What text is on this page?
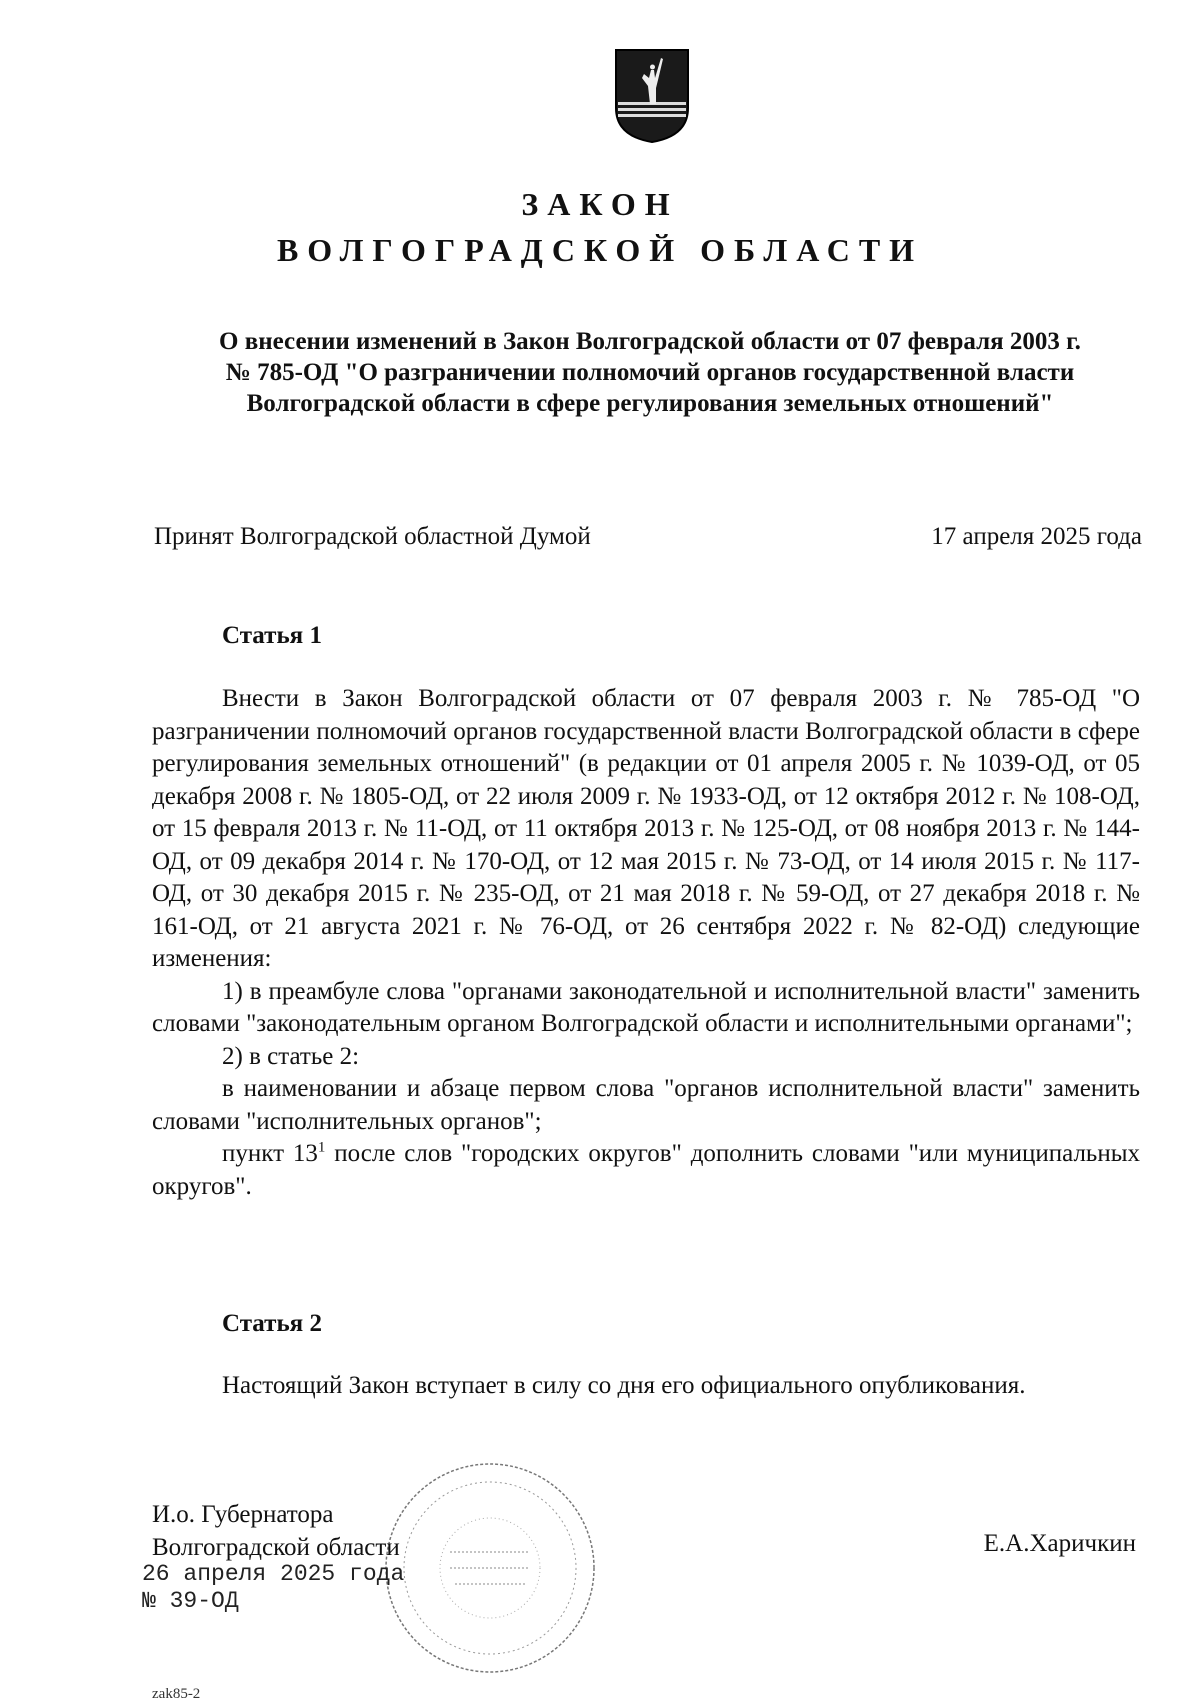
ЗАКОН
ВОЛГОГРАДСКОЙ ОБЛАСТИ
О внесении изменений в Закон Волгоградской области от 07 февраля 2003 г.
№ 785-ОД "О разграничении полномочий органов государственной власти
Волгоградской области в сфере регулирования земельных отношений"
Принят Волгоградской областной Думой	17 апреля 2025 года
Статья 1

Внести в Закон Волгоградской области от 07 февраля 2003 г. № 785-ОД "О разграничении полномочий органов государственной власти Волгоградской области в сфере регулирования земельных отношений" (в редакции от 01 апреля 2005 г. № 1039-ОД, от 05 декабря 2008 г. № 1805-ОД, от 22 июля 2009 г. № 1933-ОД, от 12 октября 2012 г. № 108-ОД, от 15 февраля 2013 г. № 11-ОД, от 11 октября 2013 г. № 125-ОД, от 08 ноября 2013 г. № 144-ОД, от 09 декабря 2014 г. № 170-ОД, от 12 мая 2015 г. № 73-ОД, от 14 июля 2015 г. № 117-ОД, от 30 декабря 2015 г. № 235-ОД, от 21 мая 2018 г. № 59-ОД, от 27 декабря 2018 г. № 161-ОД, от 21 августа 2021 г. № 76-ОД, от 26 сентября 2022 г. № 82-ОД) следующие изменения:

1) в преамбуле слова "органами законодательной и исполнительной власти" заменить словами "законодательным органом Волгоградской области и исполнительными органами";

2) в статье 2:

в наименовании и абзаце первом слова "органов исполнительной власти" заменить словами "исполнительных органов";

пункт $13^1$ после слов "городских округов" дополнить словами "или муниципальных округов".

Статья 2

Настоящий Закон вступает в силу со дня его официального опубликования.

И.о. Губернатора
Волгоградской области	Е.А.Харичкин
26 апреля 2025 года
№ 39-ОД
zak85-2
